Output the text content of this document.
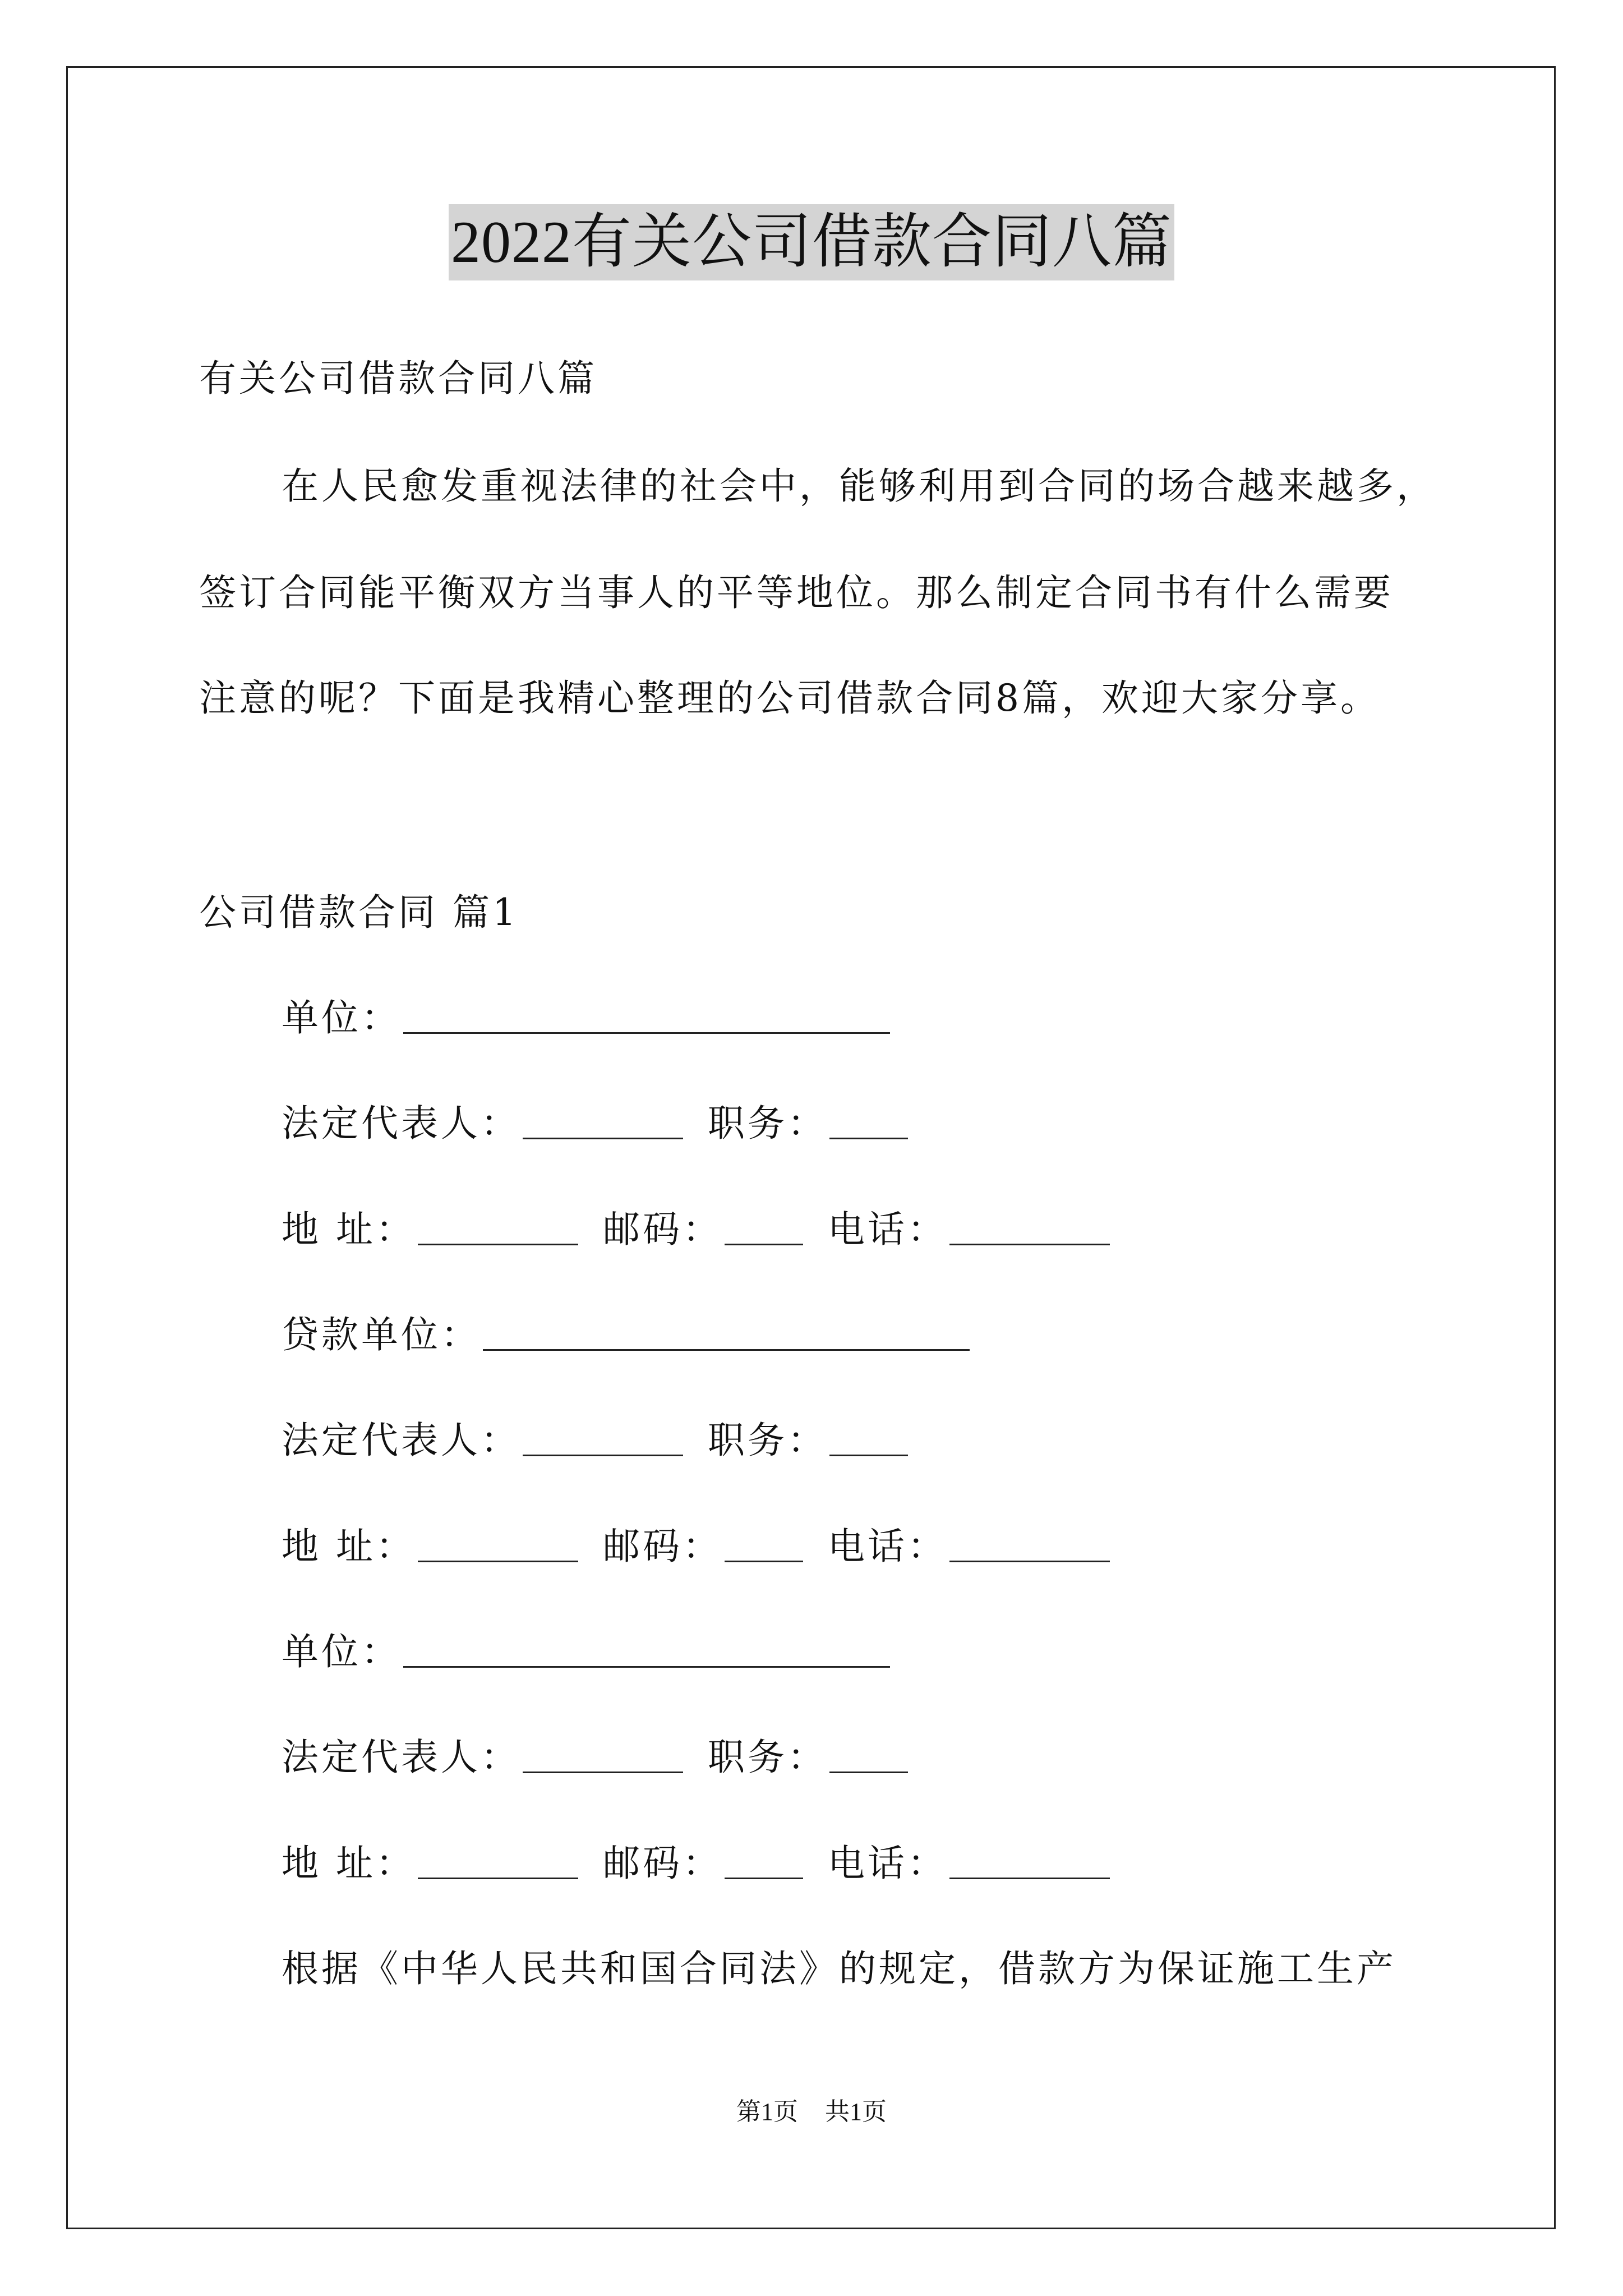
2022有关公司借款合同八篇
有关公司借款合同八篇
在人民愈发重视法律的社会中，能够利用到合同的场合越来越多，
签订合同能平衡双方当事人的平等地位。那么制定合同书有什么需要
注意的呢？下面是我精心整理的公司借款合同8篇，欢迎大家分享。
公司借款合同 篇1
单位：
法定代表人：	职务：
地 址：	邮码：	电话：
贷款单位：
法定代表人：	职务：
地 址：	邮码：	电话：
单位：
法定代表人：	职务：
地 址：	邮码：	电话：
根据《中华人民共和国合同法》的规定，借款方为保证施工生产
第1页 共1页
